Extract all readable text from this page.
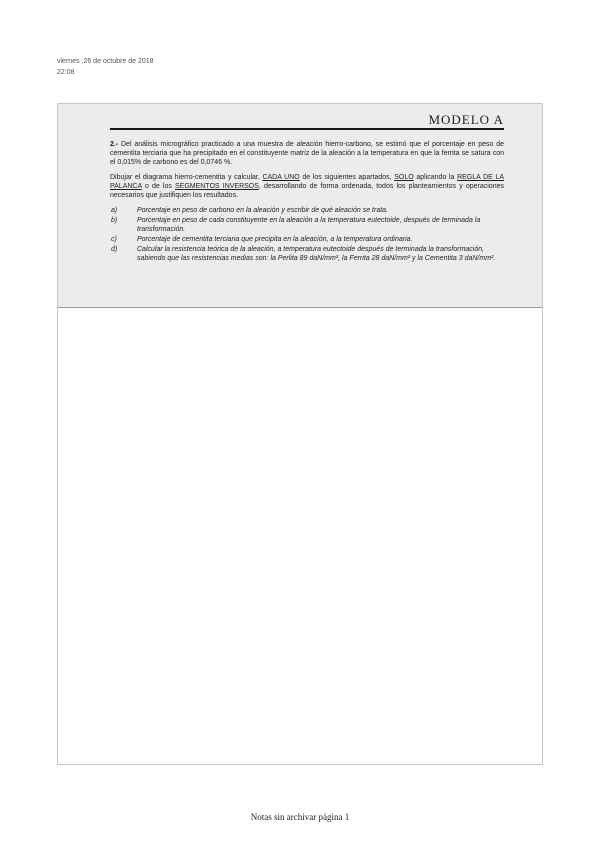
viernes ,26 de octubre de 2018
22:08
MODELO A

2.- Del análisis micrográfico practicado a una muestra de aleación hierro-carbono, se estimó que el porcentaje en peso de cementita terciaria que ha precipitado en el constituyente matriz de la aleación a la temperatura en que la ferrita se satura con el 0,015% de carbono es del 0,0746 %.

Dibujar el diagrama hierro-cementita y calcular, CADA UNO de los siguientes apartados, SOLO aplicando la REGLA DE LA PALANCA o de los SEGMENTOS INVERSOS, desarrollando de forma ordenada, todos los planteamientos y operaciones necesarios que justifiquen los resultados.

a)	Porcentaje en peso de carbono en la aleación y escribir de qué aleación se trata.
b)	Porcentaje en peso de cada constituyente en la aleación a la temperatura eutectoide, después de terminada la transformación.
c)	Porcentaje de cementita terciaria que precipita en la aleación, a la temperatura ordinaria.
d)	Calcular la resistencia teórica de la aleación, a temperatura eutectoide después de terminada la transformación, sabiendo que las resistencias medias son: la Perlita 89 daN/mm², la Ferrita 28 daN/mm² y la Cementita 3 daN/mm².
Notas sin archivar página 1
